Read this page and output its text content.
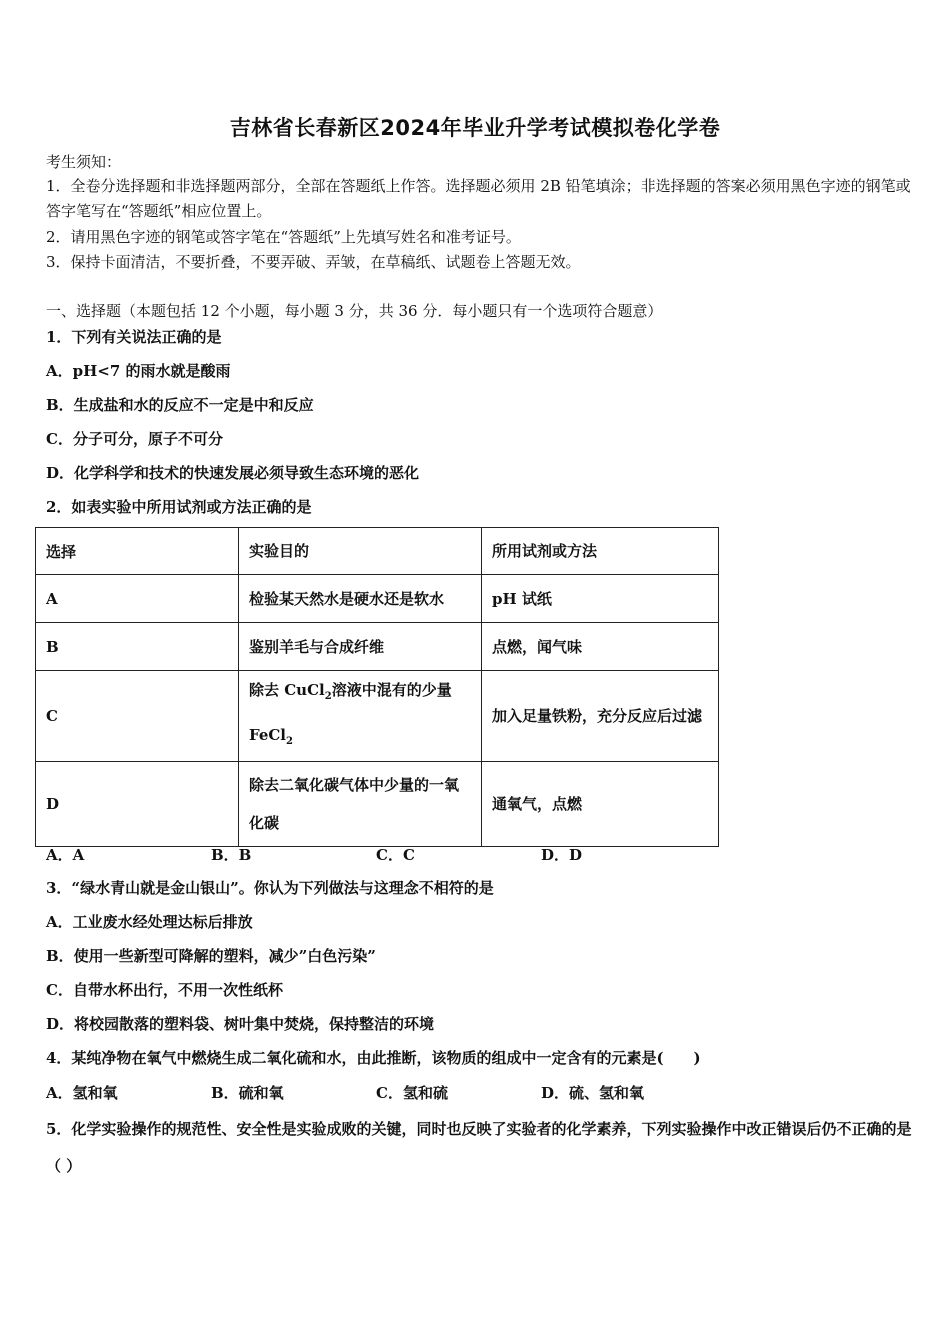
吉林省长春新区2024年毕业升学考试模拟卷化学卷
考生须知：
1．全卷分选择题和非选择题两部分，全部在答题纸上作答。选择题必须用 2B 铅笔填涂；非选择题的答案必须用黑色字迹的钢笔或答字笔写在“答题纸”相应位置上。
2．请用黑色字迹的钢笔或答字笔在“答题纸”上先填写姓名和准考证号。
3．保持卡面清洁，不要折叠，不要弄破、弄皱，在草稿纸、试题卷上答题无效。
一、选择题（本题包括 12 个小题，每小题 3 分，共 36 分．每小题只有一个选项符合题意）
1．下列有关说法正确的是
A．pH<7 的雨水就是酸雨
B．生成盐和水的反应不一定是中和反应
C．分子可分，原子不可分
D．化学科学和技术的快速发展必须导致生态环境的恶化
2．如表实验中所用试剂或方法正确的是
选择	实验目的	所用试剂或方法
A	检验某天然水是硬水还是软水	pH 试纸
B	鉴别羊毛与合成纤维	点燃，闻气味
C	除去 CuCl$_2$溶液中混有的少量 FeCl$_2$	加入足量铁粉，充分反应后过滤
D	除去二氧化碳气体中少量的一氧化碳	通氧气，点燃
A．A	B．B	C．C	D．D
3．“绿水青山就是金山银山”。你认为下列做法与这理念不相符的是
A．工业废水经处理达标后排放
B．使用一些新型可降解的塑料，减少”白色污染”
C．自带水杯出行，不用一次性纸杯
D．将校园散落的塑料袋、树叶集中焚烧，保持整洁的环境
4．某纯净物在氧气中燃烧生成二氧化硫和水，由此推断，该物质的组成中一定含有的元素是(　　)
A．氢和氧	B．硫和氧	C．氢和硫	D．硫、氢和氧
5．化学实验操作的规范性、安全性是实验成败的关键，同时也反映了实验者的化学素养，下列实验操作中改正错误后仍不正确的是（ ）
